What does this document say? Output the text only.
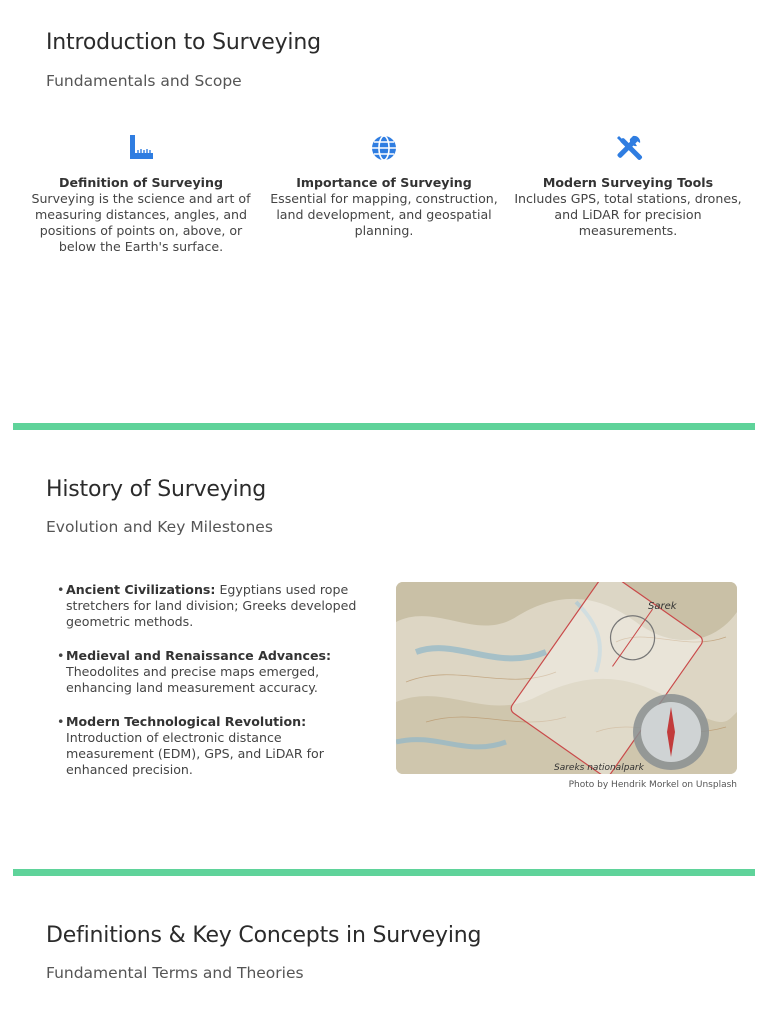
Introduction to Surveying
Fundamentals and Scope
Definition of Surveying
Surveying is the science and art of measuring distances, angles, and positions of points on, above, or below the Earth's surface.
Importance of Surveying
Essential for mapping, construction, land development, and geospatial planning.
Modern Surveying Tools
Includes GPS, total stations, drones, and LiDAR for precision measurements.
History of Surveying
Evolution and Key Milestones
• Ancient Civilizations: Egyptians used rope stretchers for land division; Greeks developed geometric methods.
• Medieval and Renaissance Advances: Theodolites and precise maps emerged, enhancing land measurement accuracy.
• Modern Technological Revolution: Introduction of electronic distance measurement (EDM), GPS, and LiDAR for enhanced precision.
Sarek
Sareks nationalpark
Photo by Hendrik Morkel on Unsplash
Definitions & Key Concepts in Surveying
Fundamental Terms and Theories
